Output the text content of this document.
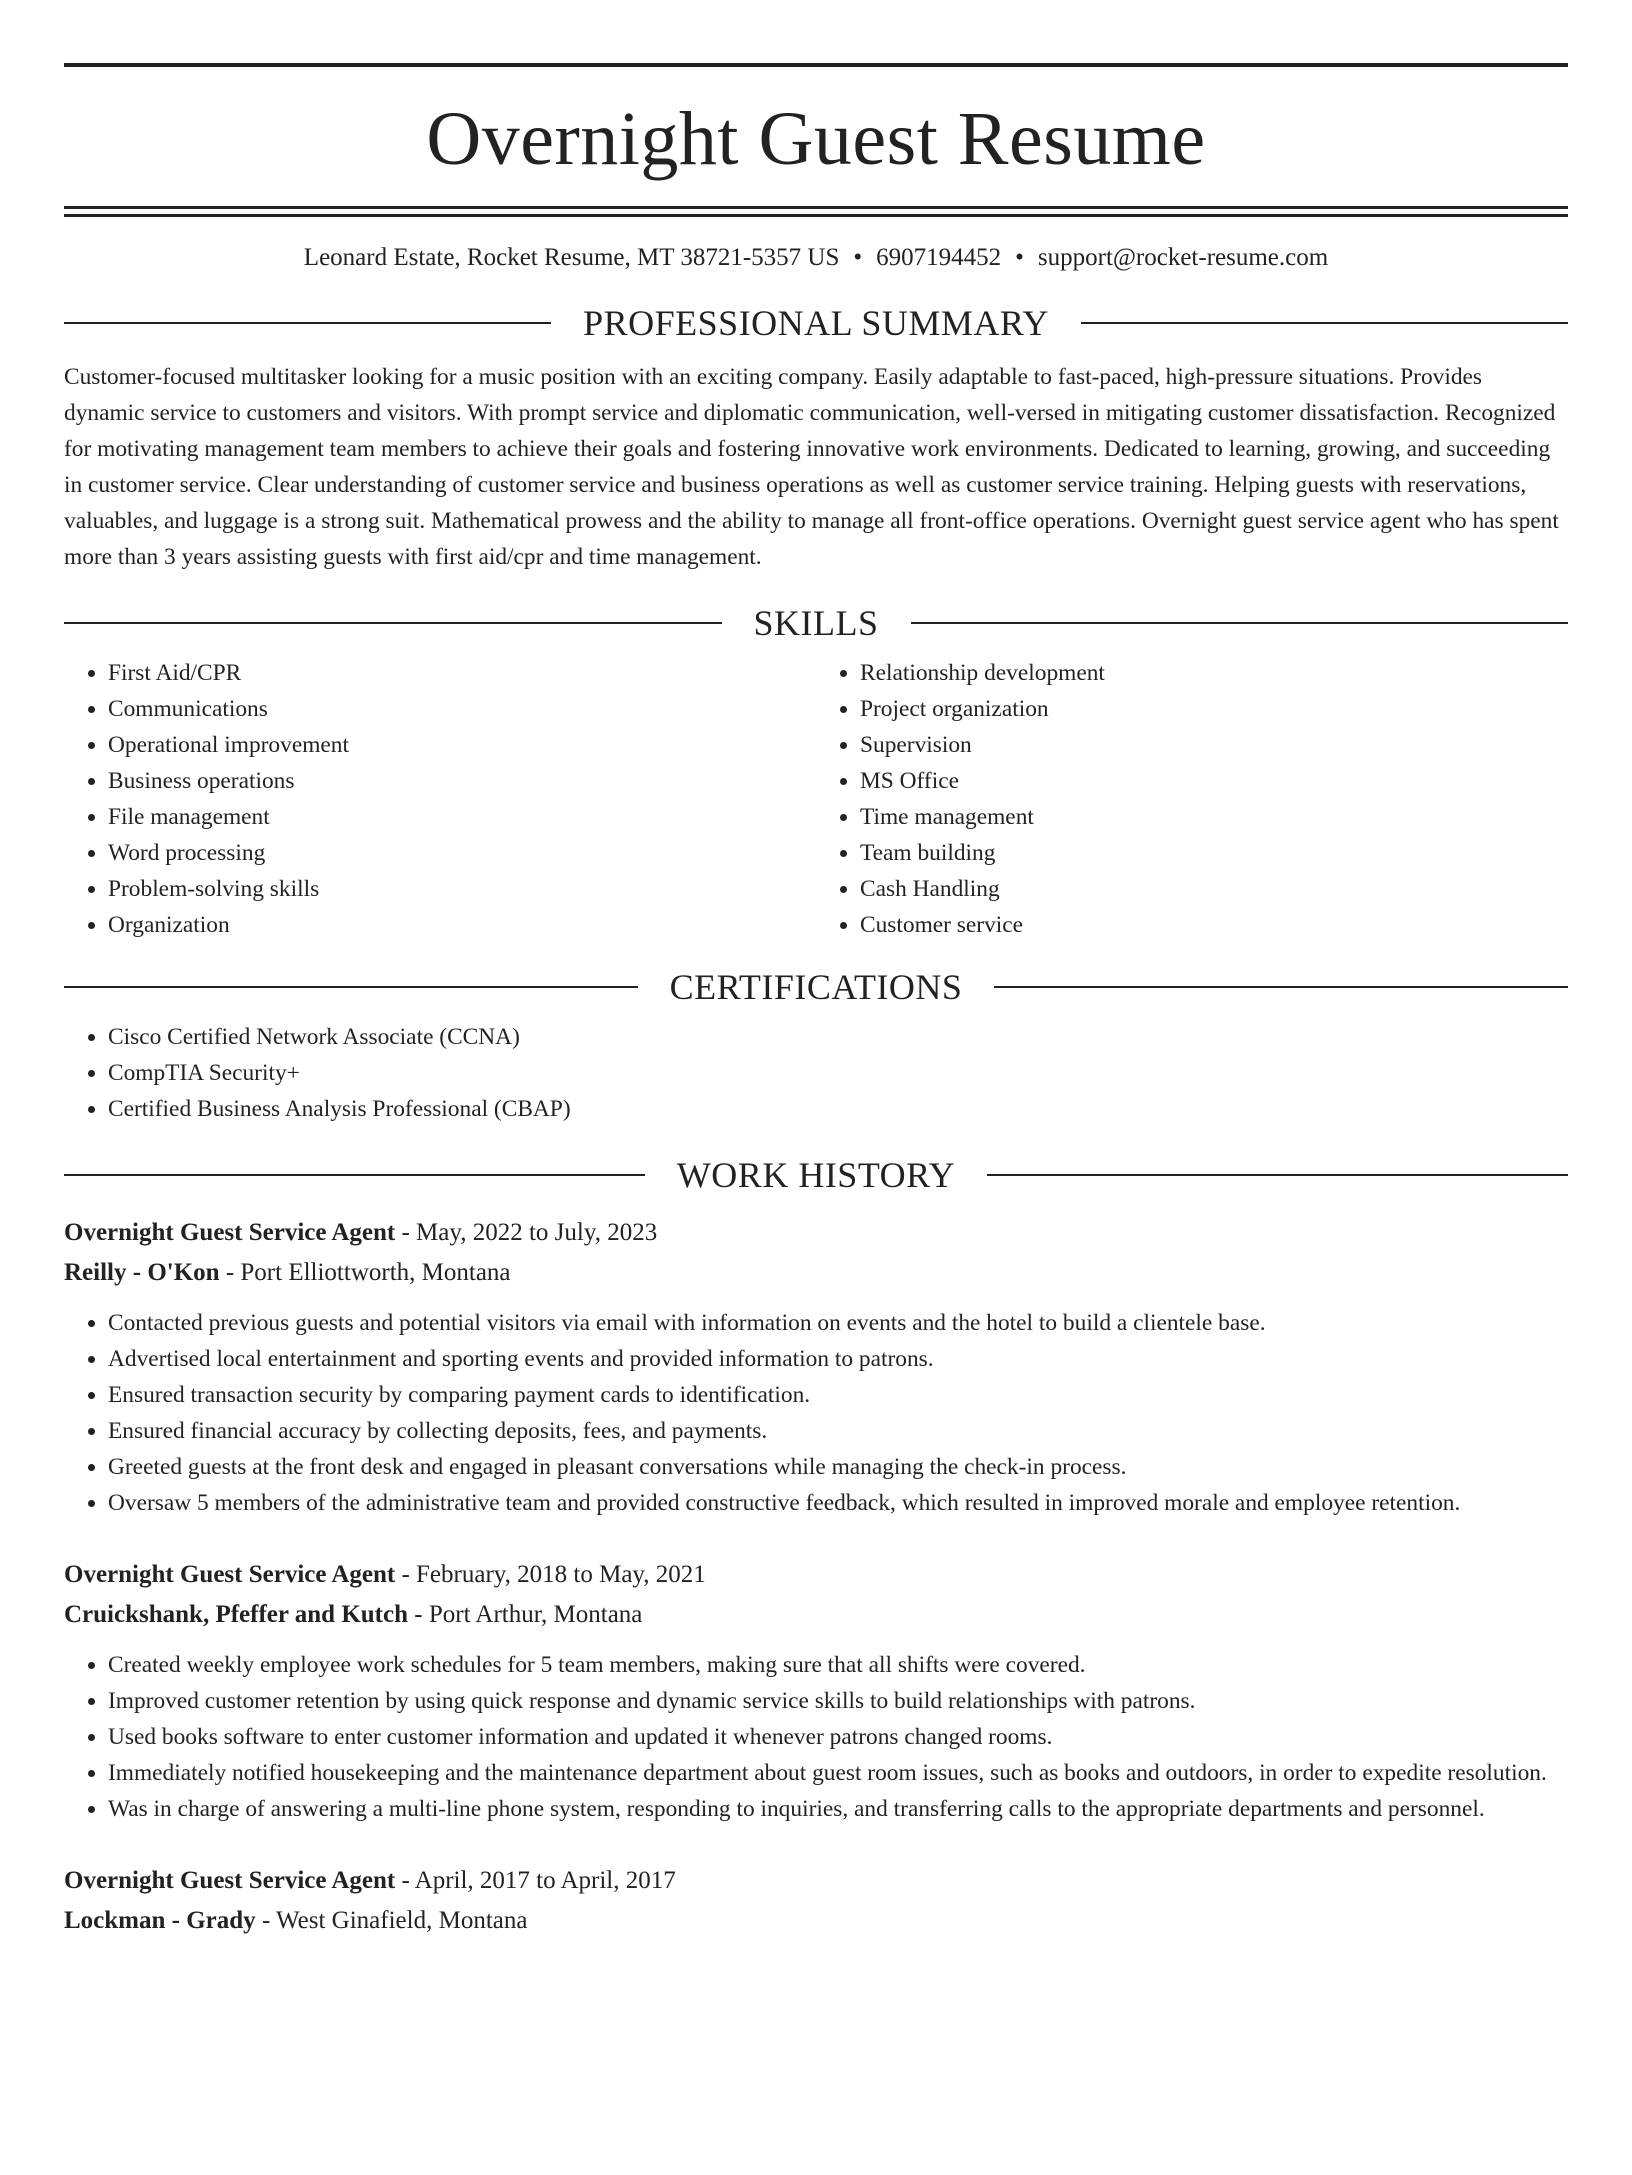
Overnight Guest Resume
Leonard Estate, Rocket Resume, MT 38721-5357 US • 6907194452 • support@rocket-resume.com
PROFESSIONAL SUMMARY

Customer-focused multitasker looking for a music position with an exciting company. Easily adaptable to fast-paced, high-pressure situations. Provides dynamic service to customers and visitors. With prompt service and diplomatic communication, well-versed in mitigating customer dissatisfaction. Recognized for motivating management team members to achieve their goals and fostering innovative work environments. Dedicated to learning, growing, and succeeding in customer service. Clear understanding of customer service and business operations as well as customer service training. Helping guests with reservations, valuables, and luggage is a strong suit. Mathematical prowess and the ability to manage all front-office operations. Overnight guest service agent who has spent more than 3 years assisting guests with first aid/cpr and time management.

SKILLS
• First Aid/CPR
• Communications
• Operational improvement
• Business operations
• File management
• Word processing
• Problem-solving skills
• Organization
• Relationship development
• Project organization
• Supervision
• MS Office
• Time management
• Team building
• Cash Handling
• Customer service
CERTIFICATIONS
• Cisco Certified Network Associate (CCNA)
• CompTIA Security+
• Certified Business Analysis Professional (CBAP)
WORK HISTORY
Overnight Guest Service Agent - May, 2022 to July, 2023
Reilly - O'Kon - Port Elliottworth, Montana
• Contacted previous guests and potential visitors via email with information on events and the hotel to build a clientele base.
• Advertised local entertainment and sporting events and provided information to patrons.
• Ensured transaction security by comparing payment cards to identification.
• Ensured financial accuracy by collecting deposits, fees, and payments.
• Greeted guests at the front desk and engaged in pleasant conversations while managing the check-in process.
• Oversaw 5 members of the administrative team and provided constructive feedback, which resulted in improved morale and employee retention.
Overnight Guest Service Agent - February, 2018 to May, 2021
Cruickshank, Pfeffer and Kutch - Port Arthur, Montana
• Created weekly employee work schedules for 5 team members, making sure that all shifts were covered.
• Improved customer retention by using quick response and dynamic service skills to build relationships with patrons.
• Used books software to enter customer information and updated it whenever patrons changed rooms.
• Immediately notified housekeeping and the maintenance department about guest room issues, such as books and outdoors, in order to expedite resolution.
• Was in charge of answering a multi-line phone system, responding to inquiries, and transferring calls to the appropriate departments and personnel.
Overnight Guest Service Agent - April, 2017 to April, 2017
Lockman - Grady - West Ginafield, Montana
